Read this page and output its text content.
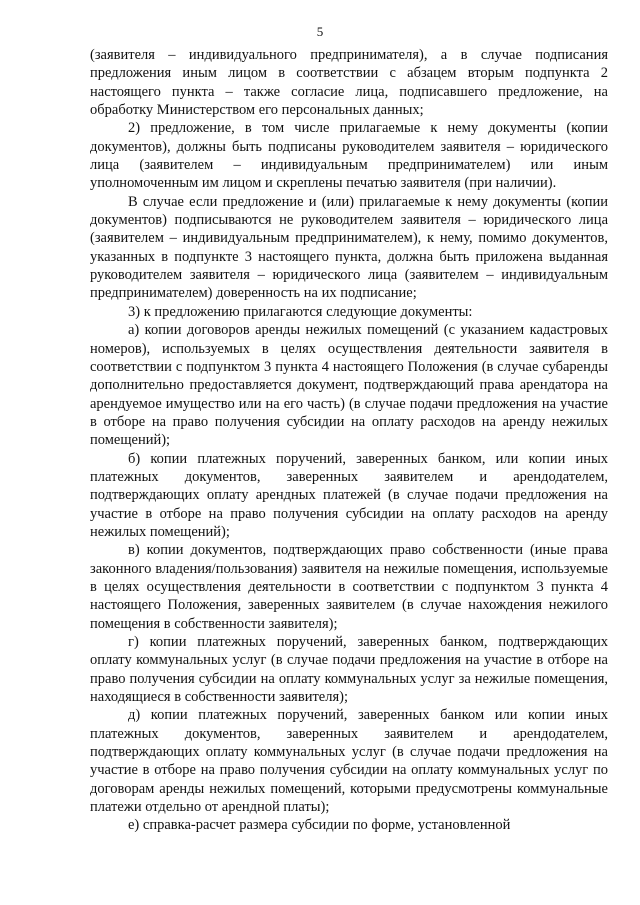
5

(заявителя – индивидуального предпринимателя), а в случае подписания предложения иным лицом в соответствии с абзацем вторым подпункта 2 настоящего пункта – также согласие лица, подписавшего предложение, на обработку Министерством его персональных данных;

2) предложение, в том числе прилагаемые к нему документы (копии документов), должны быть подписаны руководителем заявителя – юридического лица (заявителем – индивидуальным предпринимателем) или иным уполномоченным им лицом и скреплены печатью заявителя (при наличии).

В случае если предложение и (или) прилагаемые к нему документы (копии документов) подписываются не руководителем заявителя – юридического лица (заявителем – индивидуальным предпринимателем), к нему, помимо документов, указанных в подпункте 3 настоящего пункта, должна быть приложена выданная руководителем заявителя – юридического лица (заявителем – индивидуальным предпринимателем) доверенность на их подписание;

3) к предложению прилагаются следующие документы:

а) копии договоров аренды нежилых помещений (с указанием кадастровых номеров), используемых в целях осуществления деятельности заявителя в соответствии с подпунктом 3 пункта 4 настоящего Положения (в случае субаренды дополнительно предоставляется документ, подтверждающий права арендатора на арендуемое имущество или на его часть) (в случае подачи предложения на участие в отборе на право получения субсидии на оплату расходов на аренду нежилых помещений);

б) копии платежных поручений, заверенных банком, или копии иных платежных документов, заверенных заявителем и арендодателем, подтверждающих оплату арендных платежей (в случае подачи предложения на участие в отборе на право получения субсидии на оплату расходов на аренду нежилых помещений);

в) копии документов, подтверждающих право собственности (иные права законного владения/пользования) заявителя на нежилые помещения, используемые в целях осуществления деятельности в соответствии с подпунктом 3 пункта 4 настоящего Положения, заверенных заявителем (в случае нахождения нежилого помещения в собственности заявителя);

г) копии платежных поручений, заверенных банком, подтверждающих оплату коммунальных услуг (в случае подачи предложения на участие в отборе на право получения субсидии на оплату коммунальных услуг за нежилые помещения, находящиеся в собственности заявителя);

д) копии платежных поручений, заверенных банком или копии иных платежных документов, заверенных заявителем и арендодателем, подтверждающих оплату коммунальных услуг (в случае подачи предложения на участие в отборе на право получения субсидии на оплату коммунальных услуг по договорам аренды нежилых помещений, которыми предусмотрены коммунальные платежи отдельно от арендной платы);

е) справка-расчет размера субсидии по форме, установленной
